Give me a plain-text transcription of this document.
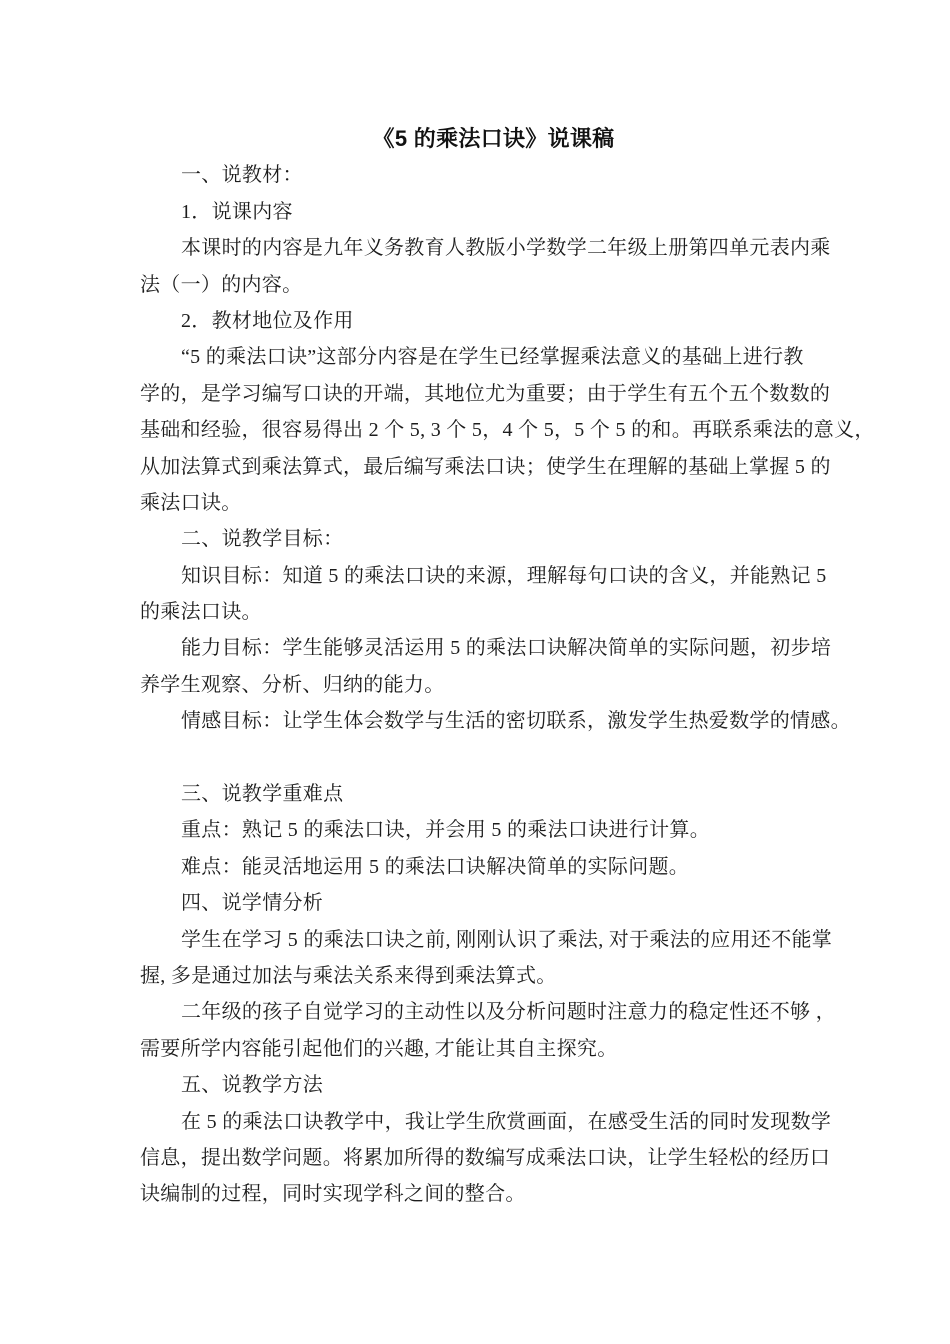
《5 的乘法口诀》说课稿
一、说教材：
1．说课内容
本课时的内容是九年义务教育人教版小学数学二年级上册第四单元表内乘
法（一）的内容。
2．教材地位及作用
“5 的乘法口诀”这部分内容是在学生已经掌握乘法意义的基础上进行教
学的，是学习编写口诀的开端，其地位尤为重要；由于学生有五个五个数数的
基础和经验，很容易得出 2 个 5, 3 个 5，4 个 5，5 个 5 的和。再联系乘法的意义，
从加法算式到乘法算式，最后编写乘法口诀；使学生在理解的基础上掌握 5 的
乘法口诀。
二、说教学目标：
知识目标：知道 5 的乘法口诀的来源，理解每句口诀的含义，并能熟记 5
的乘法口诀。
能力目标：学生能够灵活运用 5 的乘法口诀解决简单的实际问题，初步培
养学生观察、分析、归纳的能力。
情感目标：让学生体会数学与生活的密切联系，激发学生热爱数学的情感。
三、说教学重难点
重点：熟记 5 的乘法口诀，并会用 5 的乘法口诀进行计算。
难点：能灵活地运用 5 的乘法口诀解决简单的实际问题。
四、说学情分析
学生在学习 5 的乘法口诀之前, 刚刚认识了乘法, 对于乘法的应用还不能掌
握, 多是通过加法与乘法关系来得到乘法算式。
二年级的孩子自觉学习的主动性以及分析问题时注意力的稳定性还不够 ，
需要所学内容能引起他们的兴趣, 才能让其自主探究。
五、说教学方法
在 5 的乘法口诀教学中，我让学生欣赏画面，在感受生活的同时发现数学
信息，提出数学问题。将累加所得的数编写成乘法口诀，让学生轻松的经历口
诀编制的过程，同时实现学科之间的整合。
